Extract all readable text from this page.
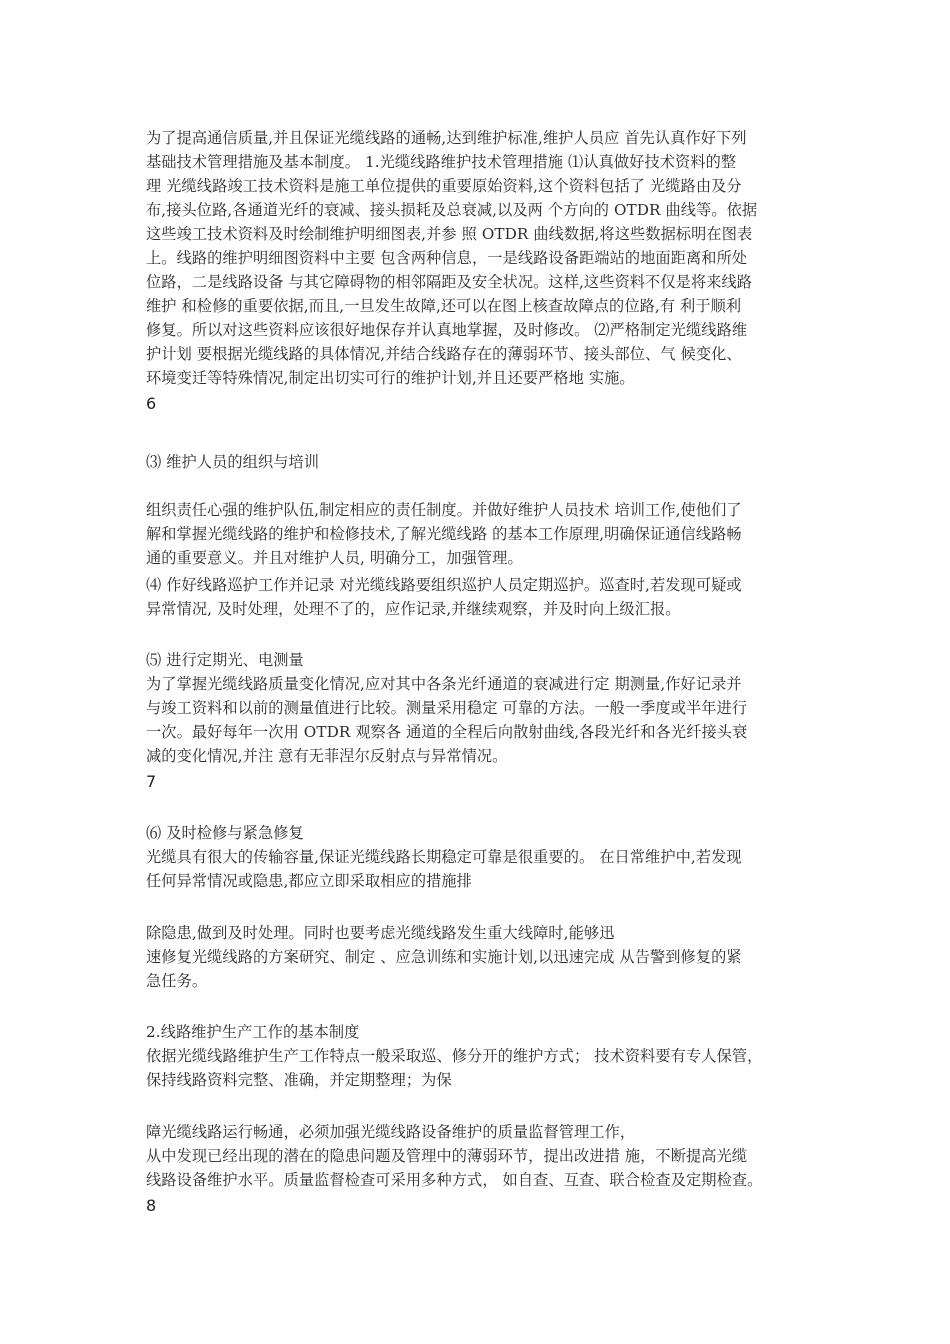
为了提高通信质量,并且保证光缆线路的通畅,达到维护标准,维护人员应 首先认真作好下列
基础技术管理措施及基本制度。 1.光缆线路维护技术管理措施 ⑴认真做好技术资料的整
理 光缆线路竣工技术资料是施工单位提供的重要原始资料,这个资料包括了 光缆路由及分
布,接头位路,各通道光纤的衰减、接头损耗及总衰减,以及两 个方向的 OTDR 曲线等。依据
这些竣工技术资料及时绘制维护明细图表,并参 照 OTDR 曲线数据,将这些数据标明在图表
上。线路的维护明细图资料中主要 包含两种信息，一是线路设备距端站的地面距离和所处
位路，二是线路设备 与其它障碍物的相邻隔距及安全状况。这样,这些资料不仅是将来线路
维护 和检修的重要依据,而且,一旦发生故障,还可以在图上核查故障点的位路,有 利于顺利
修复。所以对这些资料应该很好地保存并认真地掌握，及时修改。 ⑵严格制定光缆线路维
护计划 要根据光缆线路的具体情况,并结合线路存在的薄弱环节、接头部位、气 候变化、
环境变迁等特殊情况,制定出切实可行的维护计划,并且还要严格地 实施。
6
⑶ 维护人员的组织与培训
组织责任心强的维护队伍,制定相应的责任制度。并做好维护人员技术 培训工作,使他们了
解和掌握光缆线路的维护和检修技术,了解光缆线路 的基本工作原理,明确保证通信线路畅
通的重要意义。并且对维护人员, 明确分工，加强管理。
⑷ 作好线路巡护工作并记录 对光缆线路要组织巡护人员定期巡护。巡查时,若发现可疑或
异常情况, 及时处理，处理不了的，应作记录,并继续观察，并及时向上级汇报。
⑸ 进行定期光、电测量
为了掌握光缆线路质量变化情况,应对其中各条光纤通道的衰减进行定 期测量,作好记录并
与竣工资料和以前的测量值进行比较。测量采用稳定 可靠的方法。一般一季度或半年进行
一次。最好每年一次用 OTDR 观察各 通道的全程后向散射曲线,各段光纤和各光纤接头衰
减的变化情况,并注 意有无菲涅尔反射点与异常情况。
7
⑹ 及时检修与紧急修复
光缆具有很大的传输容量,保证光缆线路长期稳定可靠是很重要的。 在日常维护中,若发现
任何异常情况或隐患,都应立即采取相应的措施排
除隐患,做到及时处理。同时也要考虑光缆线路发生重大线障时,能够迅
速修复光缆线路的方案研究、制定 、应急训练和实施计划,以迅速完成 从告警到修复的紧
急任务。
2.线路维护生产工作的基本制度
依据光缆线路维护生产工作特点一般采取巡、修分开的维护方式； 技术资料要有专人保管，
保持线路资料完整、准确，并定期整理；为保
障光缆线路运行畅通，必须加强光缆线路设备维护的质量监督管理工作，
从中发现已经出现的潜在的隐患问题及管理中的薄弱环节，提出改进措 施，不断提高光缆
线路设备维护水平。质量监督检查可采用多种方式， 如自查、互查、联合检查及定期检查。
8
